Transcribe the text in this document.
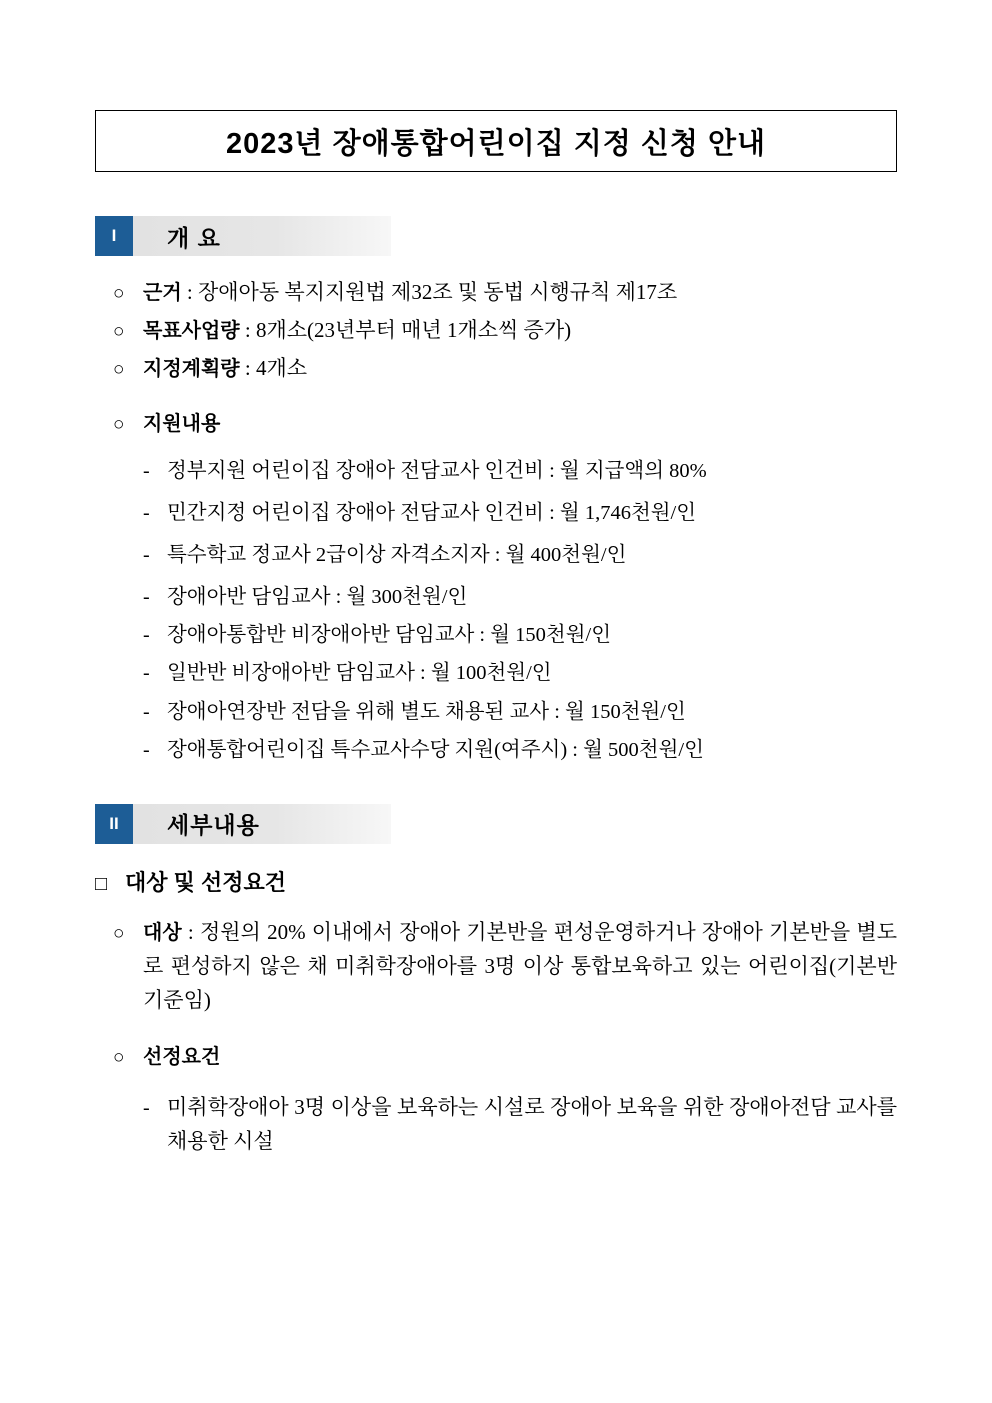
2023년 장애통합어린이집 지정 신청 안내
I	개 요
○ 근거 : 장애아동 복지지원법 제32조 및 동법 시행규칙 제17조
○ 목표사업량 : 8개소(23년부터 매년 1개소씩 증가)
○ 지정계획량 : 4개소
○ 지원내용
- 정부지원 어린이집 장애아 전담교사 인건비 : 월 지급액의 80%
- 민간지정 어린이집 장애아 전담교사 인건비 : 월 1,746천원/인
- 특수학교 정교사 2급이상 자격소지자 : 월 400천원/인
- 장애아반 담임교사 : 월 300천원/인
- 장애아통합반 비장애아반 담임교사 : 월 150천원/인
- 일반반 비장애아반 담임교사 : 월 100천원/인
- 장애아연장반 전담을 위해 별도 채용된 교사 : 월 150천원/인
- 장애통합어린이집 특수교사수당 지원(여주시) : 월 500천원/인
II	세부내용
□ 대상 및 선정요건
○ 대상 : 정원의 20% 이내에서 장애아 기본반을 편성운영하거나 장애아 기본반을 별도로 편성하지 않은 채 미취학장애아를 3명 이상 통합보육하고 있는 어린이집(기본반 기준임)
○ 선정요건
- 미취학장애아 3명 이상을 보육하는 시설로 장애아 보육을 위한 장애아전담 교사를 채용한 시설
